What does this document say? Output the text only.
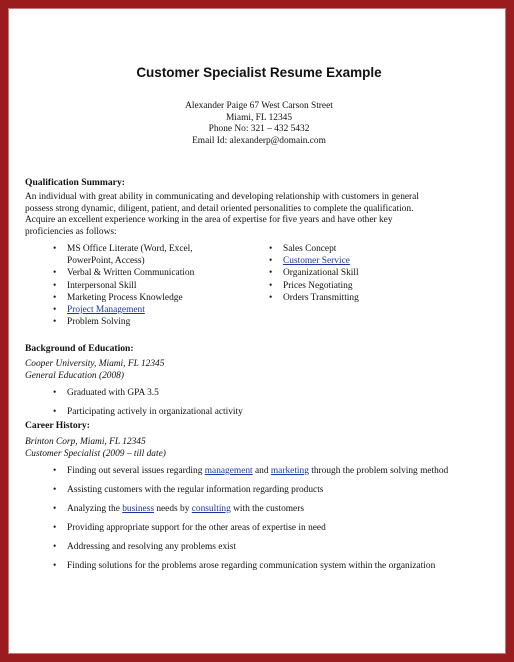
Customer Specialist Resume Example
Alexander Paige 67 West Carson Street
Miami, FL 12345
Phone No: 321 – 432 5432
Email Id: alexanderp@domain.com
Qualification Summary:
An individual with great ability in communicating and developing relationship with customers in general possess strong dynamic, diligent, patient, and detail oriented personalities to complete the qualification. Acquire an excellent experience working in the area of expertise for five years and have other key proficiencies as follows:
• MS Office Literate (Word, Excel, PowerPoint, Access)
• Verbal & Written Communication
• Interpersonal Skill
• Marketing Process Knowledge
• Project Management
• Problem Solving
• Sales Concept
• Customer Service
• Organizational Skill
• Prices Negotiating
• Orders Transmitting
Background of Education:
Cooper University, Miami, FL 12345
General Education (2008)
• Graduated with GPA 3.5
• Participating actively in organizational activity
Career History:
Brinton Corp, Miami, FL 12345
Customer Specialist (2009 – till date)
• Finding out several issues regarding management and marketing through the problem solving method
• Assisting customers with the regular information regarding products
• Analyzing the business needs by consulting with the customers
• Providing appropriate support for the other areas of expertise in need
• Addressing and resolving any problems exist
• Finding solutions for the problems arose regarding communication system within the organization
